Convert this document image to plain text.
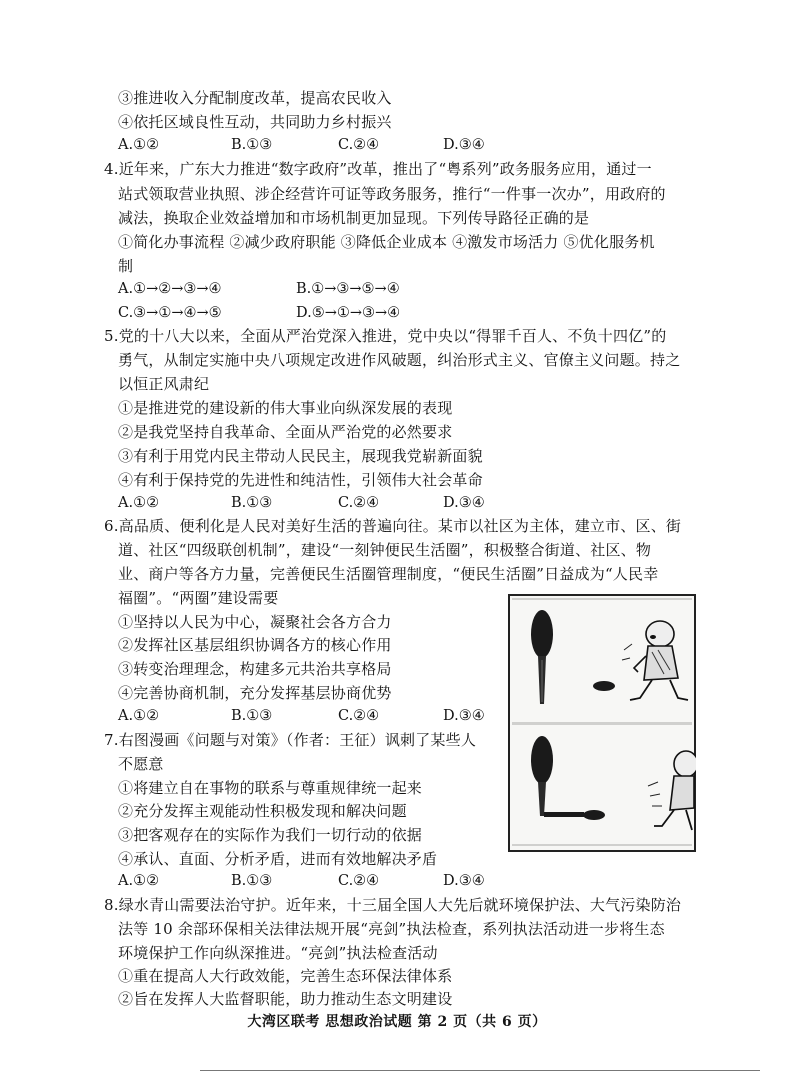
③推进收入分配制度改革，提高农民收入
④依托区域良性互动，共同助力乡村振兴
A.①②	B.①③	C.②④	D.③④
4.近年来，广东大力推进“数字政府”改革，推出了“粤系列”政务服务应用，通过一
站式领取营业执照、涉企经营许可证等政务服务，推行“一件事一次办”，用政府的
减法，换取企业效益增加和市场机制更加显现。下列传导路径正确的是
①简化办事流程 ②减少政府职能 ③降低企业成本 ④激发市场活力 ⑤优化服务机
制
A.①→②→③→④	B.①→③→⑤→④
C.③→①→④→⑤	D.⑤→①→③→④
5.党的十八大以来，全面从严治党深入推进，党中央以“得罪千百人、不负十四亿”的
勇气，从制定实施中央八项规定改进作风破题，纠治形式主义、官僚主义问题。持之
以恒正风肃纪
①是推进党的建设新的伟大事业向纵深发展的表现
②是我党坚持自我革命、全面从严治党的必然要求
③有利于用党内民主带动人民民主，展现我党崭新面貌
④有利于保持党的先进性和纯洁性，引领伟大社会革命
A.①②	B.①③	C.②④	D.③④
6.高品质、便利化是人民对美好生活的普遍向往。某市以社区为主体，建立市、区、街
道、社区“四级联创机制”，建设“一刻钟便民生活圈”，积极整合街道、社区、物
业、商户等各方力量，完善便民生活圈管理制度，“便民生活圈”日益成为“人民幸
福圈”。“两圈”建设需要
①坚持以人民为中心，凝聚社会各方合力
②发挥社区基层组织协调各方的核心作用
③转变治理理念，构建多元共治共享格局
④完善协商机制，充分发挥基层协商优势
A.①②	B.①③	C.②④	D.③④
7.右图漫画《问题与对策》（作者：王征）讽刺了某些人
不愿意
①将建立自在事物的联系与尊重规律统一起来
②充分发挥主观能动性积极发现和解决问题
③把客观存在的实际作为我们一切行动的依据
④承认、直面、分析矛盾，进而有效地解决矛盾
A.①②	B.①③	C.②④	D.③④
8.绿水青山需要法治守护。近年来，十三届全国人大先后就环境保护法、大气污染防治
法等 10 余部环保相关法律法规开展“亮剑”执法检查，系列执法活动进一步将生态
环境保护工作向纵深推进。“亮剑”执法检查活动
①重在提高人大行政效能，完善生态环保法律体系
②旨在发挥人大监督职能，助力推动生态文明建设
大湾区联考 思想政治试题 第 2 页（共 6 页）
